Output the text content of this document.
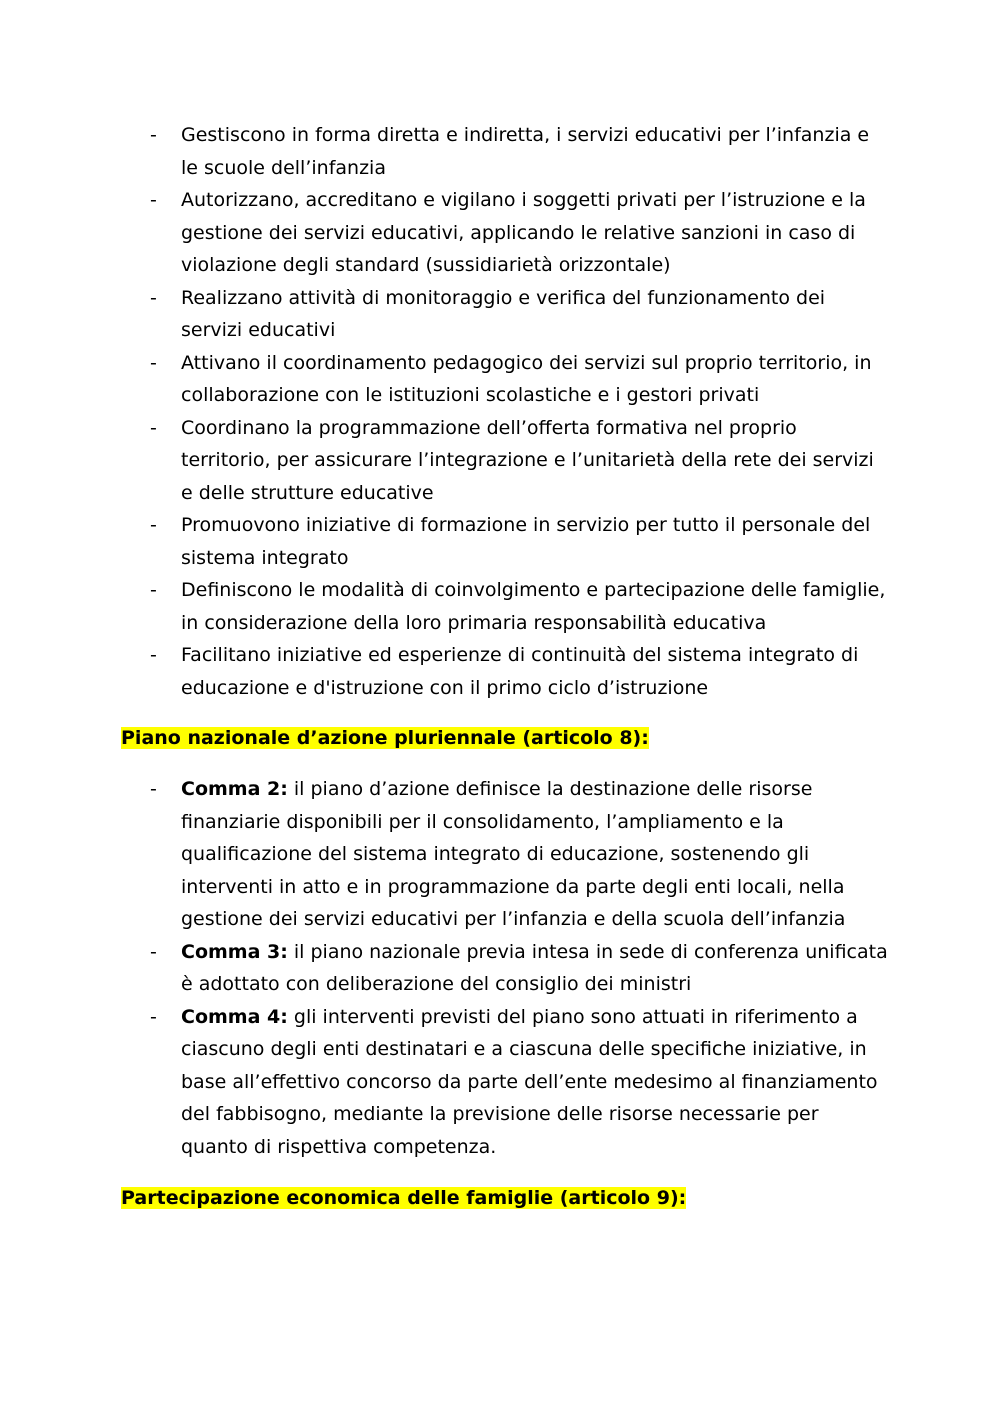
- Gestiscono in forma diretta e indiretta, i servizi educativi per l’infanzia e le scuole dell’infanzia
- Autorizzano, accreditano e vigilano i soggetti privati per l’istruzione e la gestione dei servizi educativi, applicando le relative sanzioni in caso di violazione degli standard (sussidiarietà orizzontale)
- Realizzano attività di monitoraggio e verifica del funzionamento dei servizi educativi
- Attivano il coordinamento pedagogico dei servizi sul proprio territorio, in collaborazione con le istituzioni scolastiche e i gestori privati
- Coordinano la programmazione dell’offerta formativa nel proprio territorio, per assicurare l’integrazione e l’unitarietà della rete dei servizi e delle strutture educative
- Promuovono iniziative di formazione in servizio per tutto il personale del sistema integrato
- Definiscono le modalità di coinvolgimento e partecipazione delle famiglie, in considerazione della loro primaria responsabilità educativa
- Facilitano iniziative ed esperienze di continuità del sistema integrato di educazione e d'istruzione con il primo ciclo d’istruzione
Piano nazionale d’azione pluriennale (articolo 8):
- Comma 2: il piano d’azione definisce la destinazione delle risorse finanziarie disponibili per il consolidamento, l’ampliamento e la qualificazione del sistema integrato di educazione, sostenendo gli interventi in atto e in programmazione da parte degli enti locali, nella gestione dei servizi educativi per l’infanzia e della scuola dell’infanzia
- Comma 3: il piano nazionale previa intesa in sede di conferenza unificata è adottato con deliberazione del consiglio dei ministri
- Comma 4: gli interventi previsti del piano sono attuati in riferimento a ciascuno degli enti destinatari e a ciascuna delle specifiche iniziative, in base all’effettivo concorso da parte dell’ente medesimo al finanziamento del fabbisogno, mediante la previsione delle risorse necessarie per quanto di rispettiva competenza.
Partecipazione economica delle famiglie (articolo 9):
